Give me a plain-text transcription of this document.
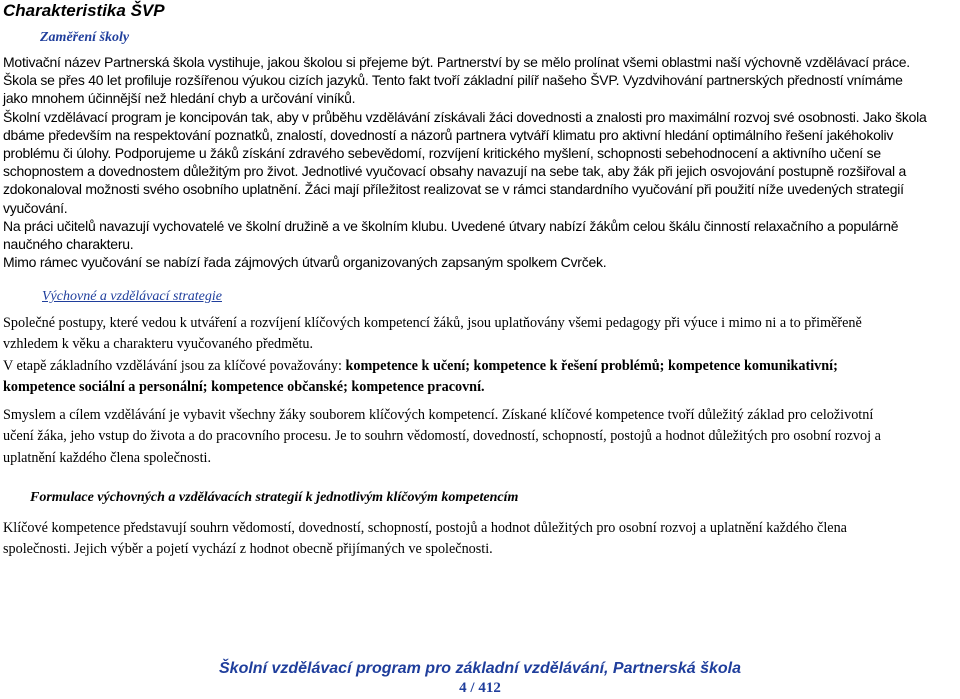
Charakteristika ŠVP
Zaměření školy
Motivační název Partnerská škola vystihuje, jakou školou si přejeme být. Partnerství by se mělo prolínat všemi oblastmi naší výchovně vzdělávací práce.
Škola se přes 40 let profiluje rozšířenou výukou cizích jazyků. Tento fakt tvoří základní pilíř našeho ŠVP. Vyzdvihování partnerských předností vnímáme
jako mnohem účinnější než hledání chyb a určování viníků.
Školní vzdělávací program je koncipován tak, aby v průběhu vzdělávání získávali žáci dovednosti a znalosti pro maximální rozvoj své osobnosti. Jako škola
dbáme především na respektování poznatků, znalostí, dovedností a názorů partnera vytváří klimatu pro aktivní hledání optimálního řešení jakéhokoliv
problému či úlohy. Podporujeme u žáků získání zdravého sebevědomí, rozvíjení kritického myšlení, schopnosti sebehodnocení a aktivního učení se
schopnostem a dovednostem důležitým pro život. Jednotlivé vyučovací obsahy navazují na sebe tak, aby žák při jejich osvojování postupně rozšiřoval a
zdokonaloval možnosti svého osobního uplatnění. Žáci mají příležitost realizovat se v rámci standardního vyučování při použití níže uvedených strategií
vyučování.
Na práci učitelů navazují vychovatelé ve školní družině a ve školním klubu. Uvedené útvary nabízí žákům celou škálu činností relaxačního a populárně
naučného charakteru.
Mimo rámec vyučování se nabízí řada zájmových útvarů organizovaných zapsaným spolkem Cvrček.
Výchovné a vzdělávací strategie
Společné postupy, které vedou k utváření a rozvíjení klíčových kompetencí žáků, jsou uplatňovány všemi pedagogy při výuce i mimo ni a to přiměřeně
vzhledem k věku a charakteru vyučovaného předmětu.
V etapě základního vzdělávání jsou za klíčové považovány: kompetence k učení; kompetence k řešení problémů; kompetence komunikativní;
kompetence sociální a personální; kompetence občanské; kompetence pracovní.
Smyslem a cílem vzdělávání je vybavit všechny žáky souborem klíčových kompetencí. Získané klíčové kompetence tvoří důležitý základ pro celoživotní
učení žáka, jeho vstup do života a do pracovního procesu. Je to souhrn vědomostí, dovedností, schopností, postojů a hodnot důležitých pro osobní rozvoj a
uplatnění každého člena společnosti.
Formulace výchovných a vzdělávacích strategií k jednotlivým klíčovým kompetencím
Klíčové kompetence představují souhrn vědomostí, dovedností, schopností, postojů a hodnot důležitých pro osobní rozvoj a uplatnění každého člena
společnosti. Jejich výběr a pojetí vychází z hodnot obecně přijímaných ve společnosti.
Školní vzdělávací program pro základní vzdělávání, Partnerská škola
4 / 412
